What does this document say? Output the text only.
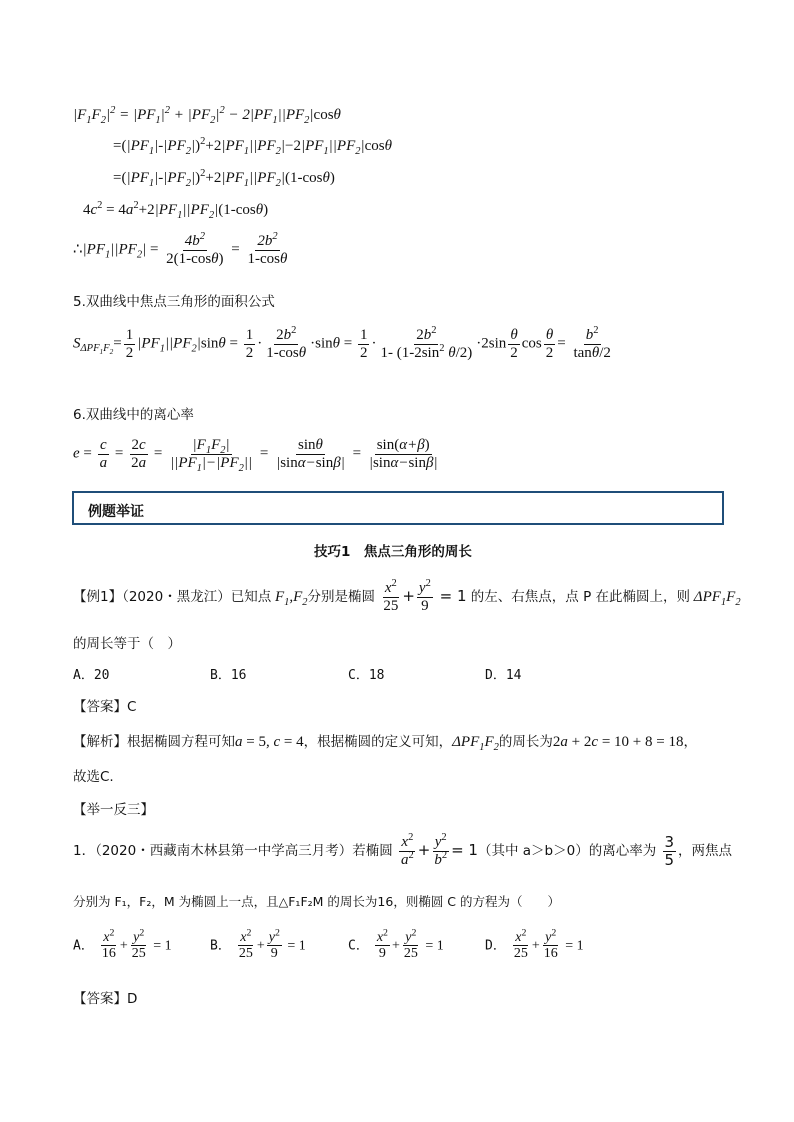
$|F_1F_2|^2 = |PF_1|^2 + |PF_2|^2 - 2|PF_1||PF_2|\cos\theta$
$=(|PF_1|-|PF_2|)^2+2|PF_1||PF_2|-2|PF_1||PF_2|\cos\theta$
$=(|PF_1|-|PF_2|)^2+2|PF_1||PF_2|(1-\cos\theta)$
$4c^2 = 4a^2+2|PF_1||PF_2|(1-\cos\theta)$
$\therefore|PF_1||PF_2| = \frac{4b^2}{2(1-\cos\theta)} = \frac{2b^2}{1-\cos\theta}$
5.双曲线中焦点三角形的面积公式
$S_{\Delta PF_1F_2}= \frac{1}{2} |PF_1||PF_2|\sin\theta = \frac{1}{2} \cdot \frac{2b^2}{1-\cos\theta} \cdot\sin\theta = \frac{1}{2} \cdot \frac{2b^2}{1- (1-2\sin^2 \theta/2)} \cdot 2\sin \frac{\theta}{2}$ $\cos \frac{\theta}{2} = \frac{b^2}{\tan\theta/2}$
6.双曲线中的离心率
$e = \frac{c}{a} = \frac{2c}{2a} = \frac{|F_1F_2|}{||PF_1|-|PF_2||} = \frac{\sin\theta}{|\sin\alpha-\sin\beta|} = \frac{\sin(\alpha+\beta)}{|\sin\alpha-\sin\beta|}$
例题举证
技巧1　焦点三角形的周长
【例1】（2020・黑龙江）已知点 $F_1,F_2$分别是椭圆 $\frac{x^2}{25} + \frac{y^2}{9} = 1$ 的左、右焦点，点 P 在此椭圆上，则 $\Delta PF_1F_2$
的周长等于（　）
A．20	B．16	C．18	D．14
【答案】C
【解析】根据椭圆方程可知a = 5, c = 4，根据椭圆的定义可知，$\Delta PF_1F_2$的周长为2a + 2c = 10 + 8 = 18，
故选C.
【举一反三】
1．（2020・西藏南木林县第一中学高三月考）若椭圆 $\frac{x^2}{a^2} + \frac{y^2}{b^2} = 1$（其中 a＞b＞0）的离心率为 $\frac{3}{5}$ ，两焦点
分别为 F₁，F₂，M 为椭圆上一点，且△F₁F₂M 的周长为16，则椭圆 C 的方程为（　　）
A． $\frac{x^2}{16} + \frac{y^2}{25} = 1$	B． $\frac{x^2}{25} + \frac{y^2}{9} = 1$	C． $\frac{x^2}{9} + \frac{y^2}{25} = 1$	D． $\frac{x^2}{25} + \frac{y^2}{16} = 1$
【答案】D
